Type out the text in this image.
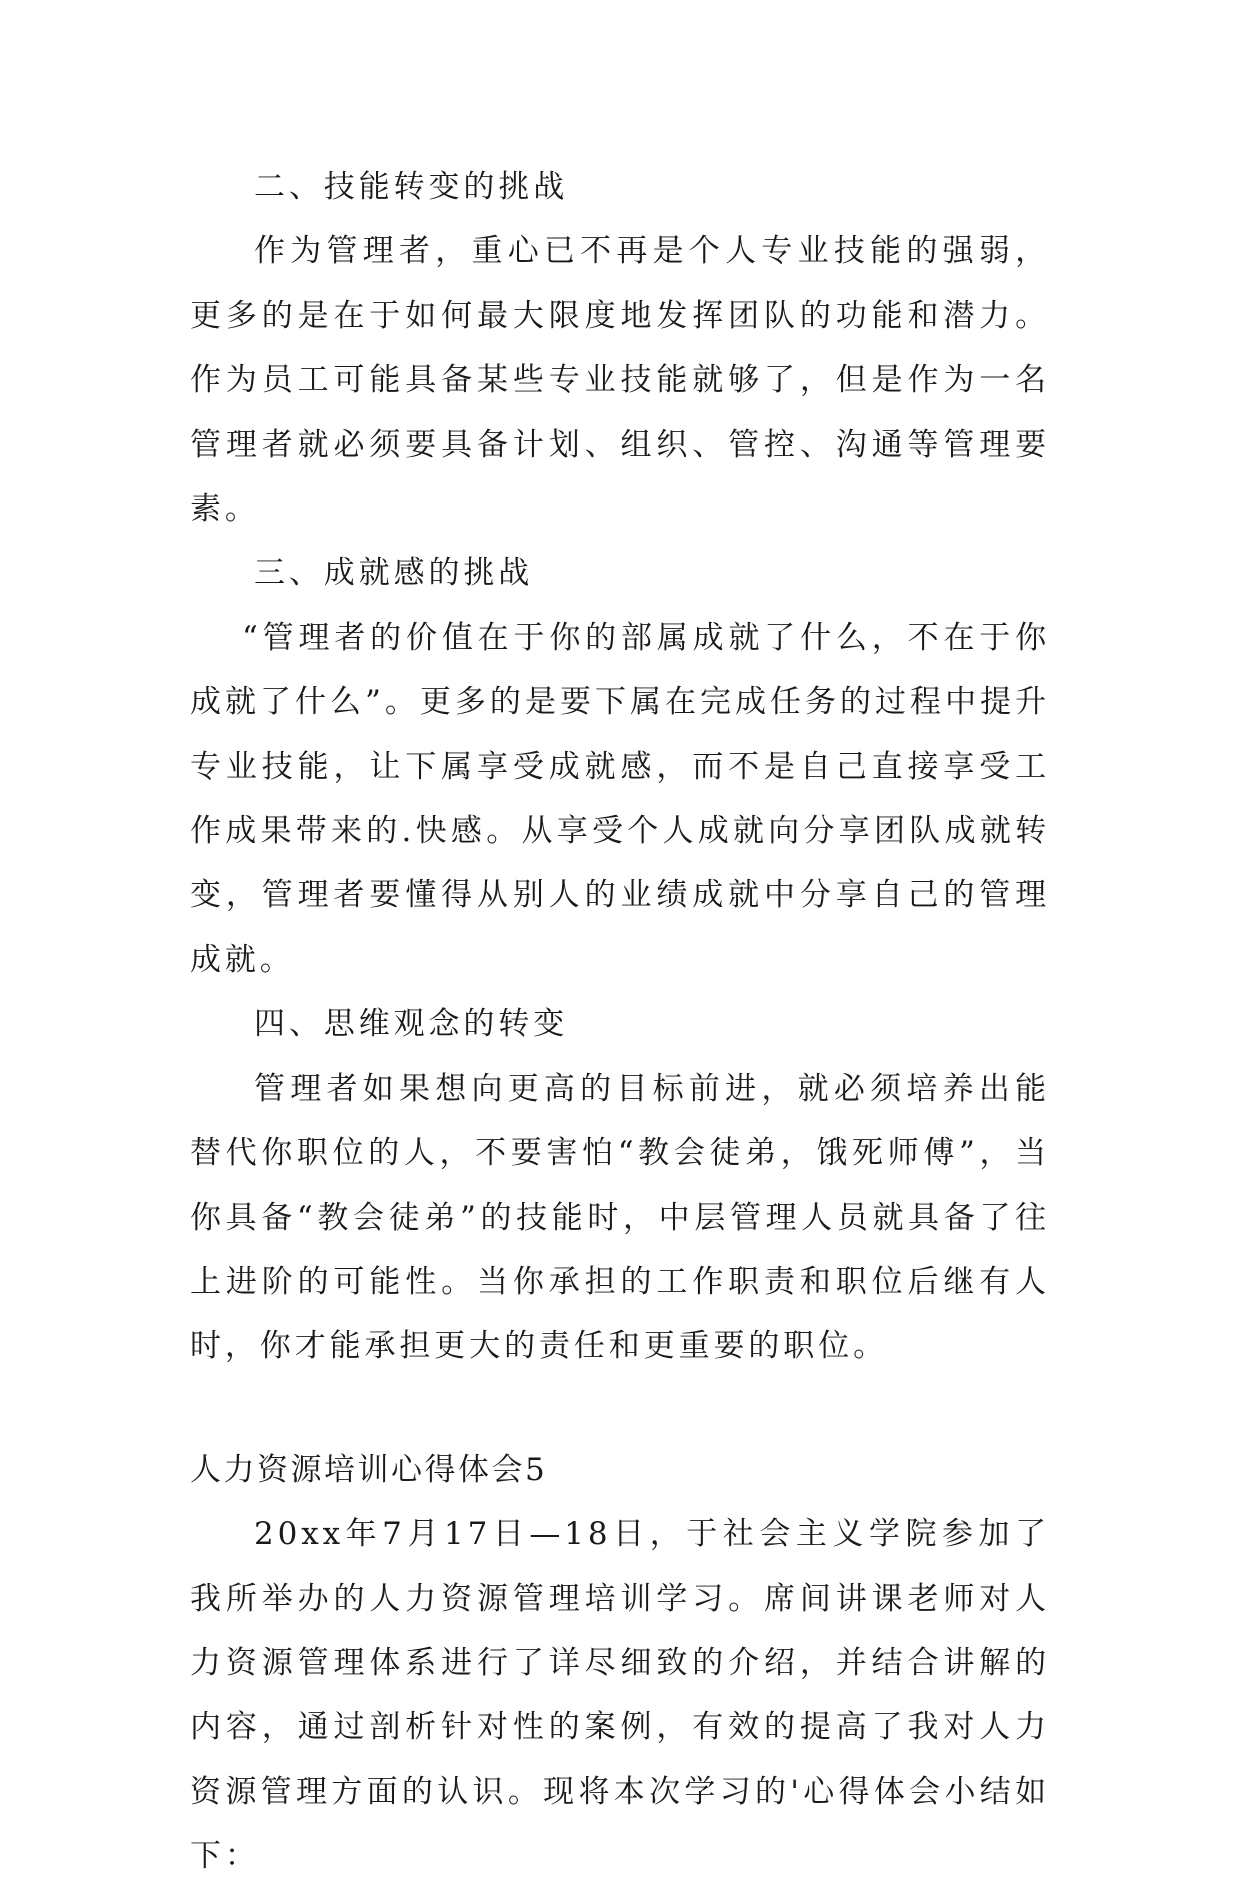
二、技能转变的挑战

作为管理者，重心已不再是个人专业技能的强弱，更多的是在于如何最大限度地发挥团队的功能和潜力。作为员工可能具备某些专业技能就够了，但是作为一名管理者就必须要具备计划、组织、管控、沟通等管理要素。

三、成就感的挑战

“管理者的价值在于你的部属成就了什么，不在于你成就了什么”。更多的是要下属在完成任务的过程中提升专业技能，让下属享受成就感，而不是自己直接享受工作成果带来的.快感。从享受个人成就向分享团队成就转变，管理者要懂得从别人的业绩成就中分享自己的管理成就。

四、思维观念的转变

管理者如果想向更高的目标前进，就必须培养出能替代你职位的人，不要害怕“教会徒弟，饿死师傅”，当你具备“教会徒弟”的技能时，中层管理人员就具备了往上进阶的可能性。当你承担的工作职责和职位后继有人时，你才能承担更大的责任和更重要的职位。

人力资源培训心得体会5

20xx年7月17日—18日，于社会主义学院参加了我所举办的人力资源管理培训学习。席间讲课老师对人力资源管理体系进行了详尽细致的介绍，并结合讲解的内容，通过剖析针对性的案例，有效的提高了我对人力资源管理方面的认识。现将本次学习的'心得体会小结如下：
